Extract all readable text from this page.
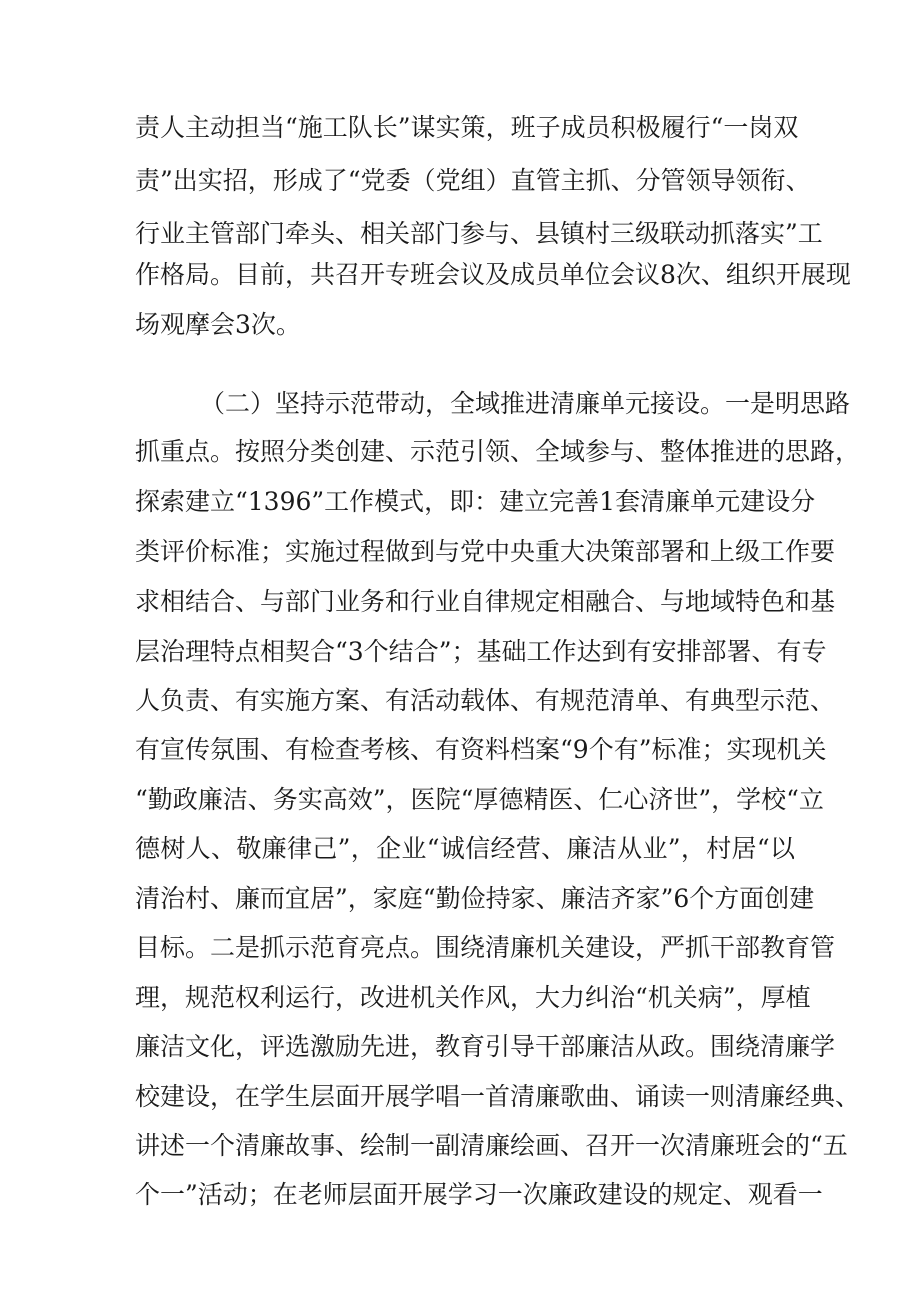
责人主动担当“施工队长”谋实策，班子成员积极履行“一岗双
责”出实招，形成了“党委（党组）直管主抓、分管领导领衔、
行业主管部门牵头、相关部门参与、县镇村三级联动抓落实”工
作格局。目前，共召开专班会议及成员单位会议8次、组织开展现
场观摩会3次。
（二）坚持示范带动，全域推进清廉单元接设。一是明思路
抓重点。按照分类创建、示范引领、全域参与、整体推进的思路，
探索建立“1396”工作模式，即：建立完善1套清廉单元建设分
类评价标准；实施过程做到与党中央重大决策部署和上级工作要
求相结合、与部门业务和行业自律规定相融合、与地域特色和基
层治理特点相契合“3个结合”；基础工作达到有安排部署、有专
人负责、有实施方案、有活动载体、有规范清单、有典型示范、
有宣传氛围、有检查考核、有资料档案“9个有”标准；实现机关
“勤政廉洁、务实高效”，医院“厚德精医、仁心济世”，学校“立
德树人、敬廉律己”，企业“诚信经营、廉洁从业”，村居“以
清治村、廉而宜居”，家庭“勤俭持家、廉洁齐家”6个方面创建
目标。二是抓示范育亮点。围绕清廉机关建设，严抓干部教育管
理，规范权利运行，改进机关作风，大力纠治“机关病”，厚植
廉洁文化，评选激励先进，教育引导干部廉洁从政。围绕清廉学
校建设，在学生层面开展学唱一首清廉歌曲、诵读一则清廉经典、
讲述一个清廉故事、绘制一副清廉绘画、召开一次清廉班会的“五
个一”活动；在老师层面开展学习一次廉政建设的规定、观看一
